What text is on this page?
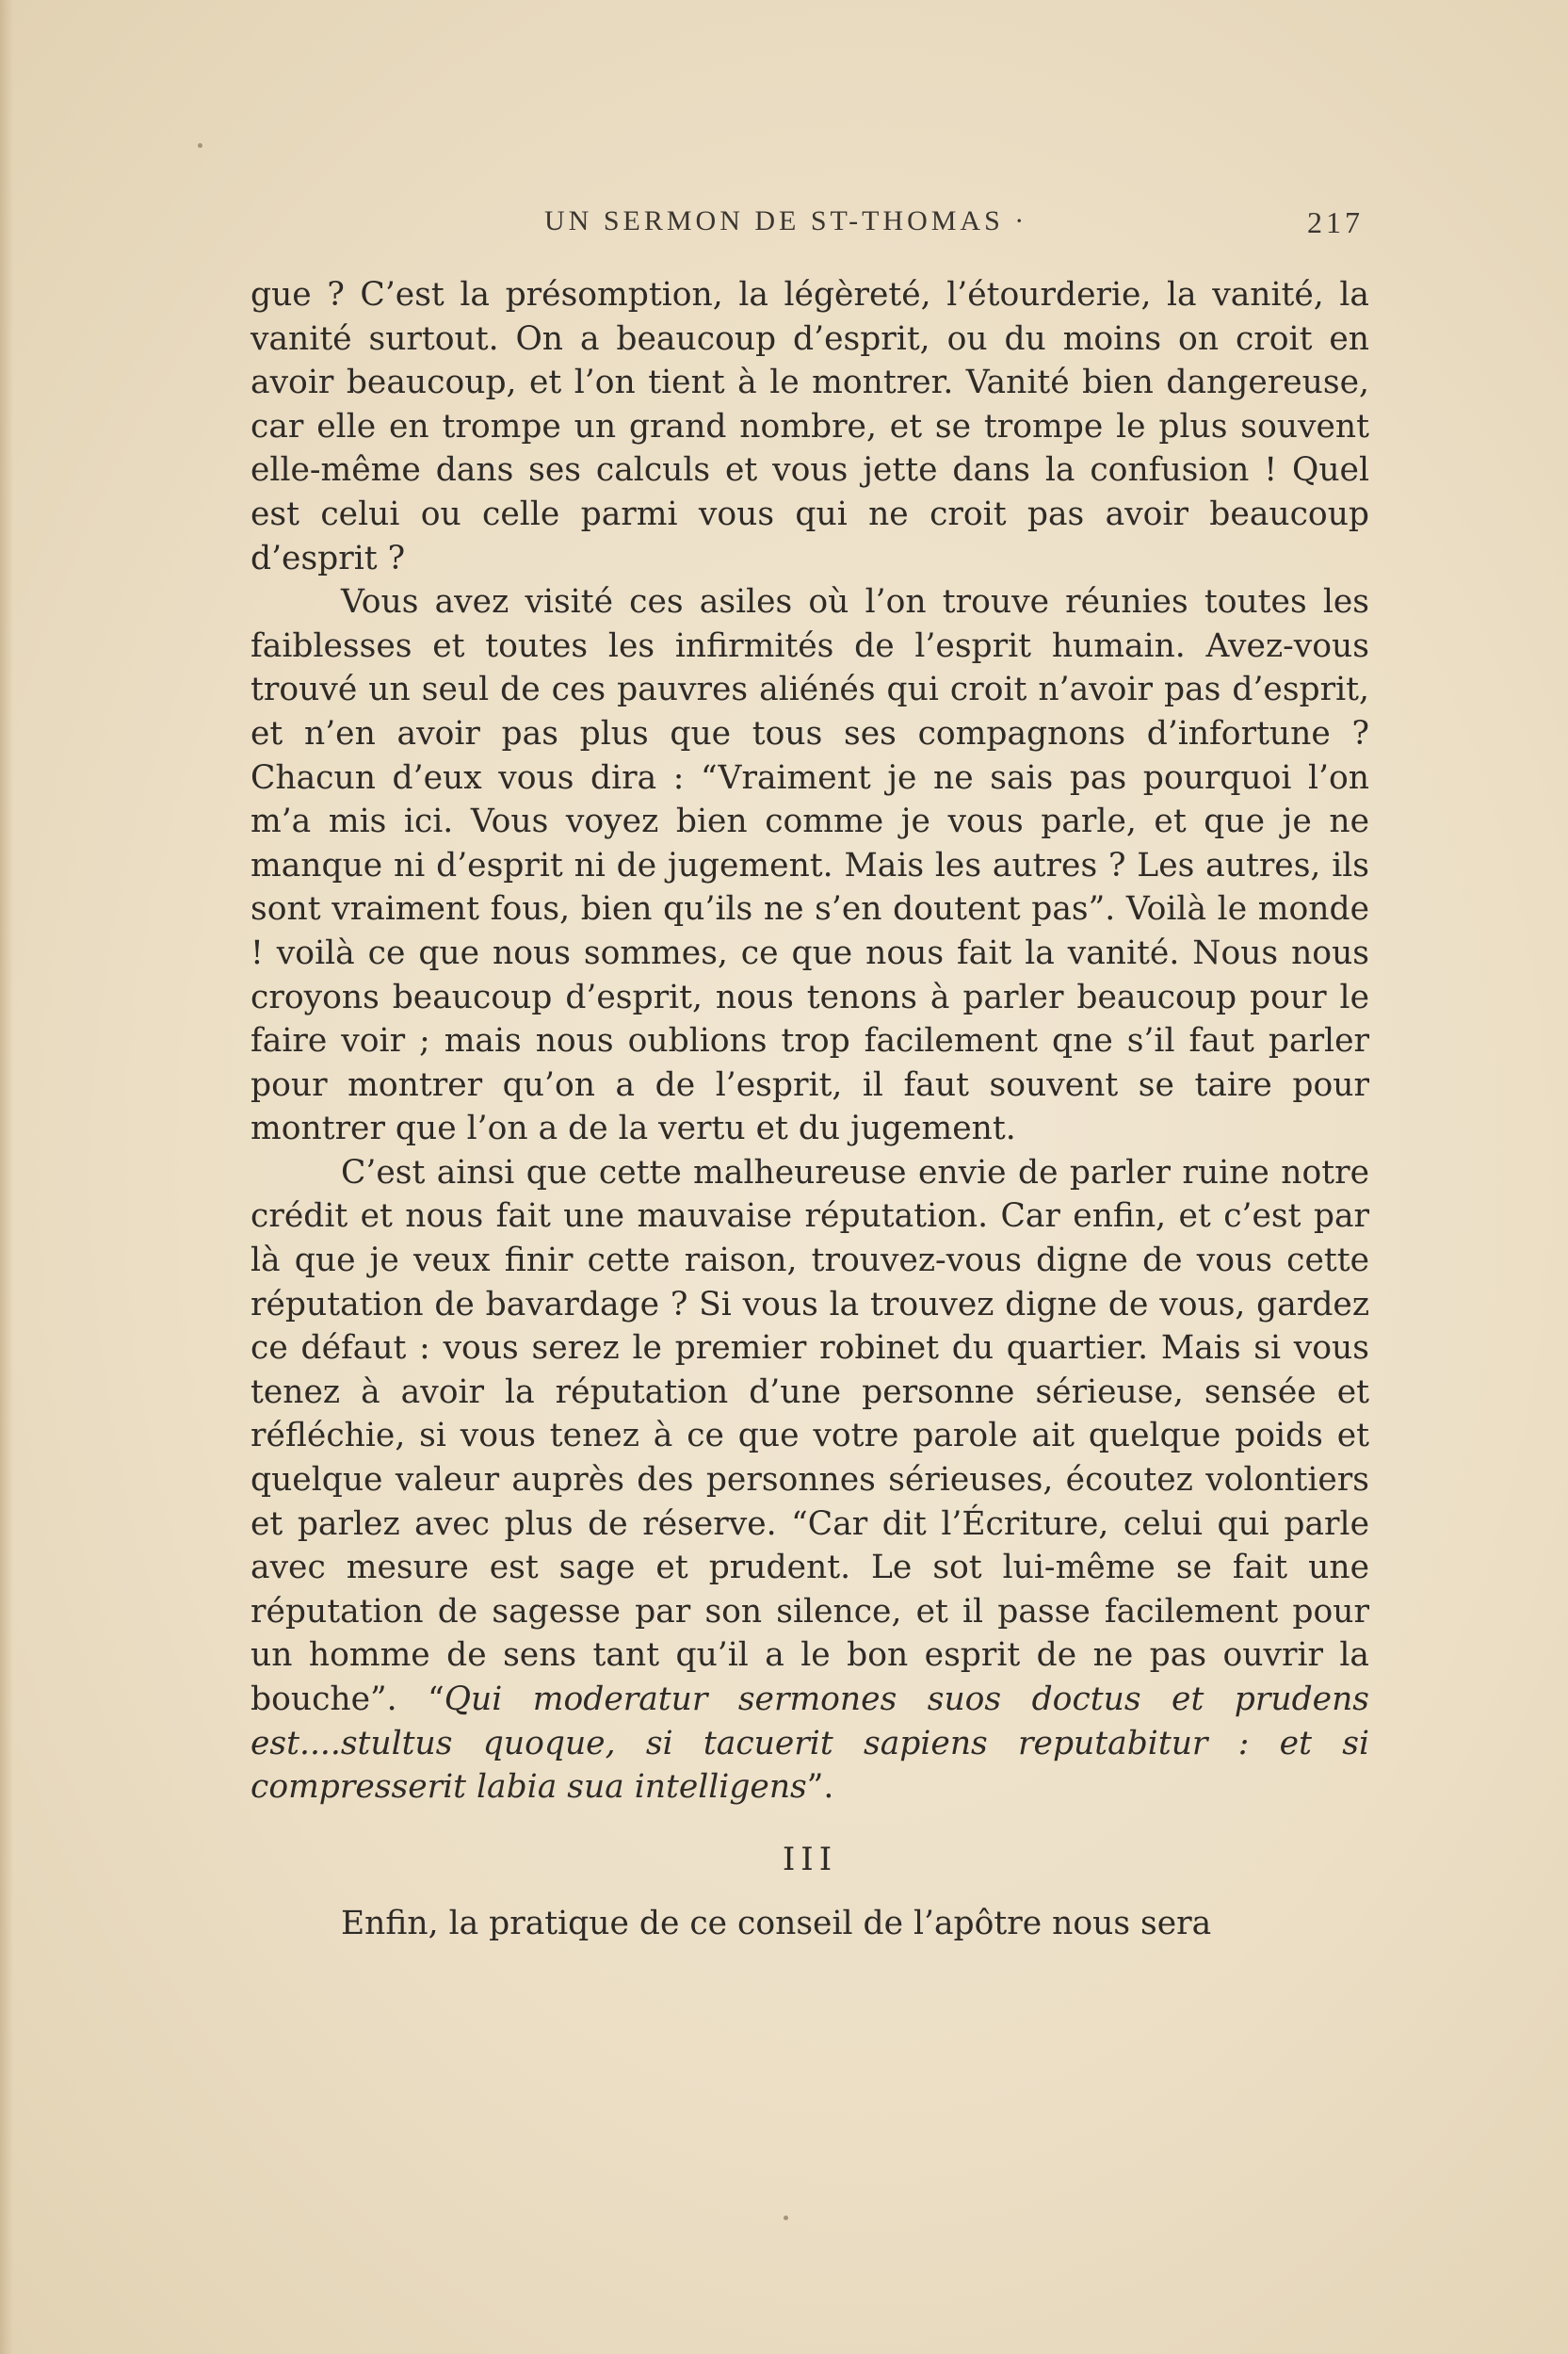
UN SERMON DE ST-THOMAS ·	217

gue ? C’est la présomption, la légèreté, l’étourderie, la vanité, la vanité surtout. On a beaucoup d’esprit, ou du moins on croit en avoir beaucoup, et l’on tient à le montrer. Vanité bien dangereuse, car elle en trompe un grand nombre, et se trompe le plus souvent elle-même dans ses calculs et vous jette dans la confusion ! Quel est celui ou celle parmi vous qui ne croit pas avoir beaucoup d’esprit ?

Vous avez visité ces asiles où l’on trouve réunies toutes les faiblesses et toutes les infirmités de l’esprit humain. Avez-vous trouvé un seul de ces pauvres aliénés qui croit n’avoir pas d’esprit, et n’en avoir pas plus que tous ses compagnons d’infortune ? Chacun d’eux vous dira : “Vraiment je ne sais pas pourquoi l’on m’a mis ici. Vous voyez bien comme je vous parle, et que je ne manque ni d’esprit ni de jugement. Mais les autres ? Les autres, ils sont vraiment fous, bien qu’ils ne s’en doutent pas”. Voilà le monde ! voilà ce que nous sommes, ce que nous fait la vanité. Nous nous croyons beaucoup d’esprit, nous tenons à parler beaucoup pour le faire voir ; mais nous oublions trop facilement qne s’il faut parler pour montrer qu’on a de l’esprit, il faut souvent se taire pour montrer que l’on a de la vertu et du jugement.

C’est ainsi que cette malheureuse envie de parler ruine notre crédit et nous fait une mauvaise réputation. Car enfin, et c’est par là que je veux finir cette raison, trouvez-vous digne de vous cette réputation de bavardage ? Si vous la trouvez digne de vous, gardez ce défaut : vous serez le premier robinet du quartier. Mais si vous tenez à avoir la réputation d’une personne sérieuse, sensée et réfléchie, si vous tenez à ce que votre parole ait quelque poids et quelque valeur auprès des personnes sérieuses, écoutez volontiers et parlez avec plus de réserve. “Car dit l’Écriture, celui qui parle avec mesure est sage et prudent. Le sot lui-même se fait une réputation de sagesse par son silence, et il passe facilement pour un homme de sens tant qu’il a le bon esprit de ne pas ouvrir la bouche”. “Qui moderatur sermones suos doctus et prudens est....stultus quoque, si tacuerit sapiens reputabitur : et si compresserit labia sua intelligens”.

III

Enfin, la pratique de ce conseil de l’apôtre nous sera
